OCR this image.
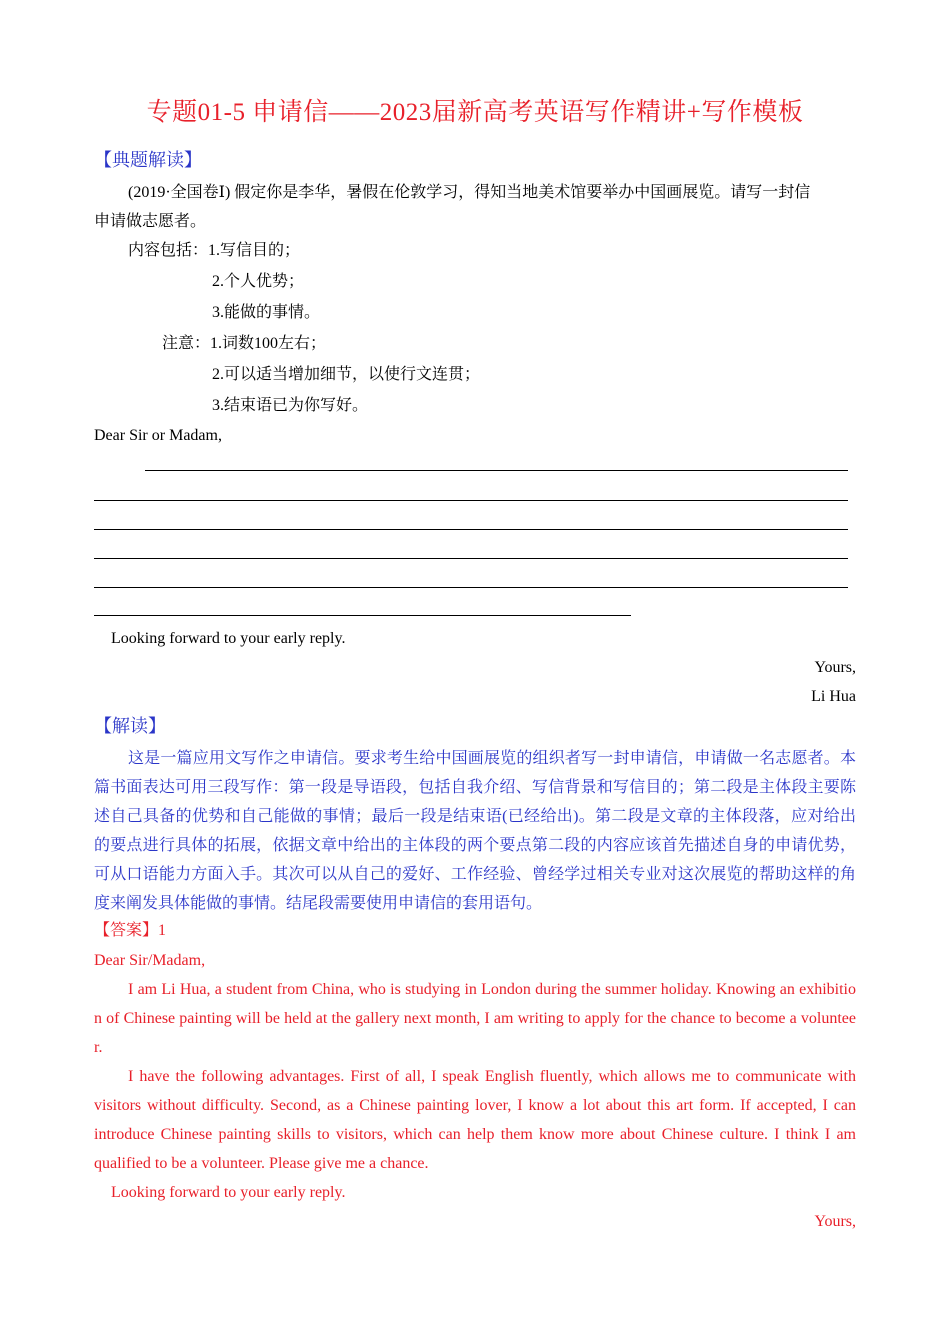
专题01-5 申请信——2023届新高考英语写作精讲+写作模板
【典题解读】
(2019·全国卷Ⅰ) 假定你是李华，暑假在伦敦学习，得知当地美术馆要举办中国画展览。请写一封信
申请做志愿者。
内容包括：1.写信目的；
2.个人优势；
3.能做的事情。
注意：1.词数100左右；
2.可以适当增加细节，以使行文连贯；
3.结束语已为你写好。
Dear Sir or Madam,
Looking forward to your early reply.
Yours,
Li Hua
【解读】
这是一篇应用文写作之申请信。要求考生给中国画展览的组织者写一封申请信，申请做一名志愿者。本篇书面表达可用三段写作：第一段是导语段，包括自我介绍、写信背景和写信目的；第二段是主体段主要陈述自己具备的优势和自己能做的事情；最后一段是结束语(已经给出)。第二段是文章的主体段落，应对给出的要点进行具体的拓展，依据文章中给出的主体段的两个要点第二段的内容应该首先描述自身的申请优势，可从口语能力方面入手。其次可以从自己的爱好、工作经验、曾经学过相关专业对这次展览的帮助这样的角度来阐发具体能做的事情。结尾段需要使用申请信的套用语句。
【答案】1
Dear Sir/Madam,
I am Li Hua, a student from China, who is studying in London during the summer holiday. Knowing an exhibition of Chinese painting will be held at the gallery next month, I am writing to apply for the chance to become a volunteer.
I have the following advantages. First of all, I speak English fluently, which allows me to communicate with visitors without difficulty. Second, as a Chinese painting lover, I know a lot about this art form. If accepted, I can introduce Chinese painting skills to visitors, which can help them know more about Chinese culture. I think I am qualified to be a volunteer. Please give me a chance.
Looking forward to your early reply.
Yours,
